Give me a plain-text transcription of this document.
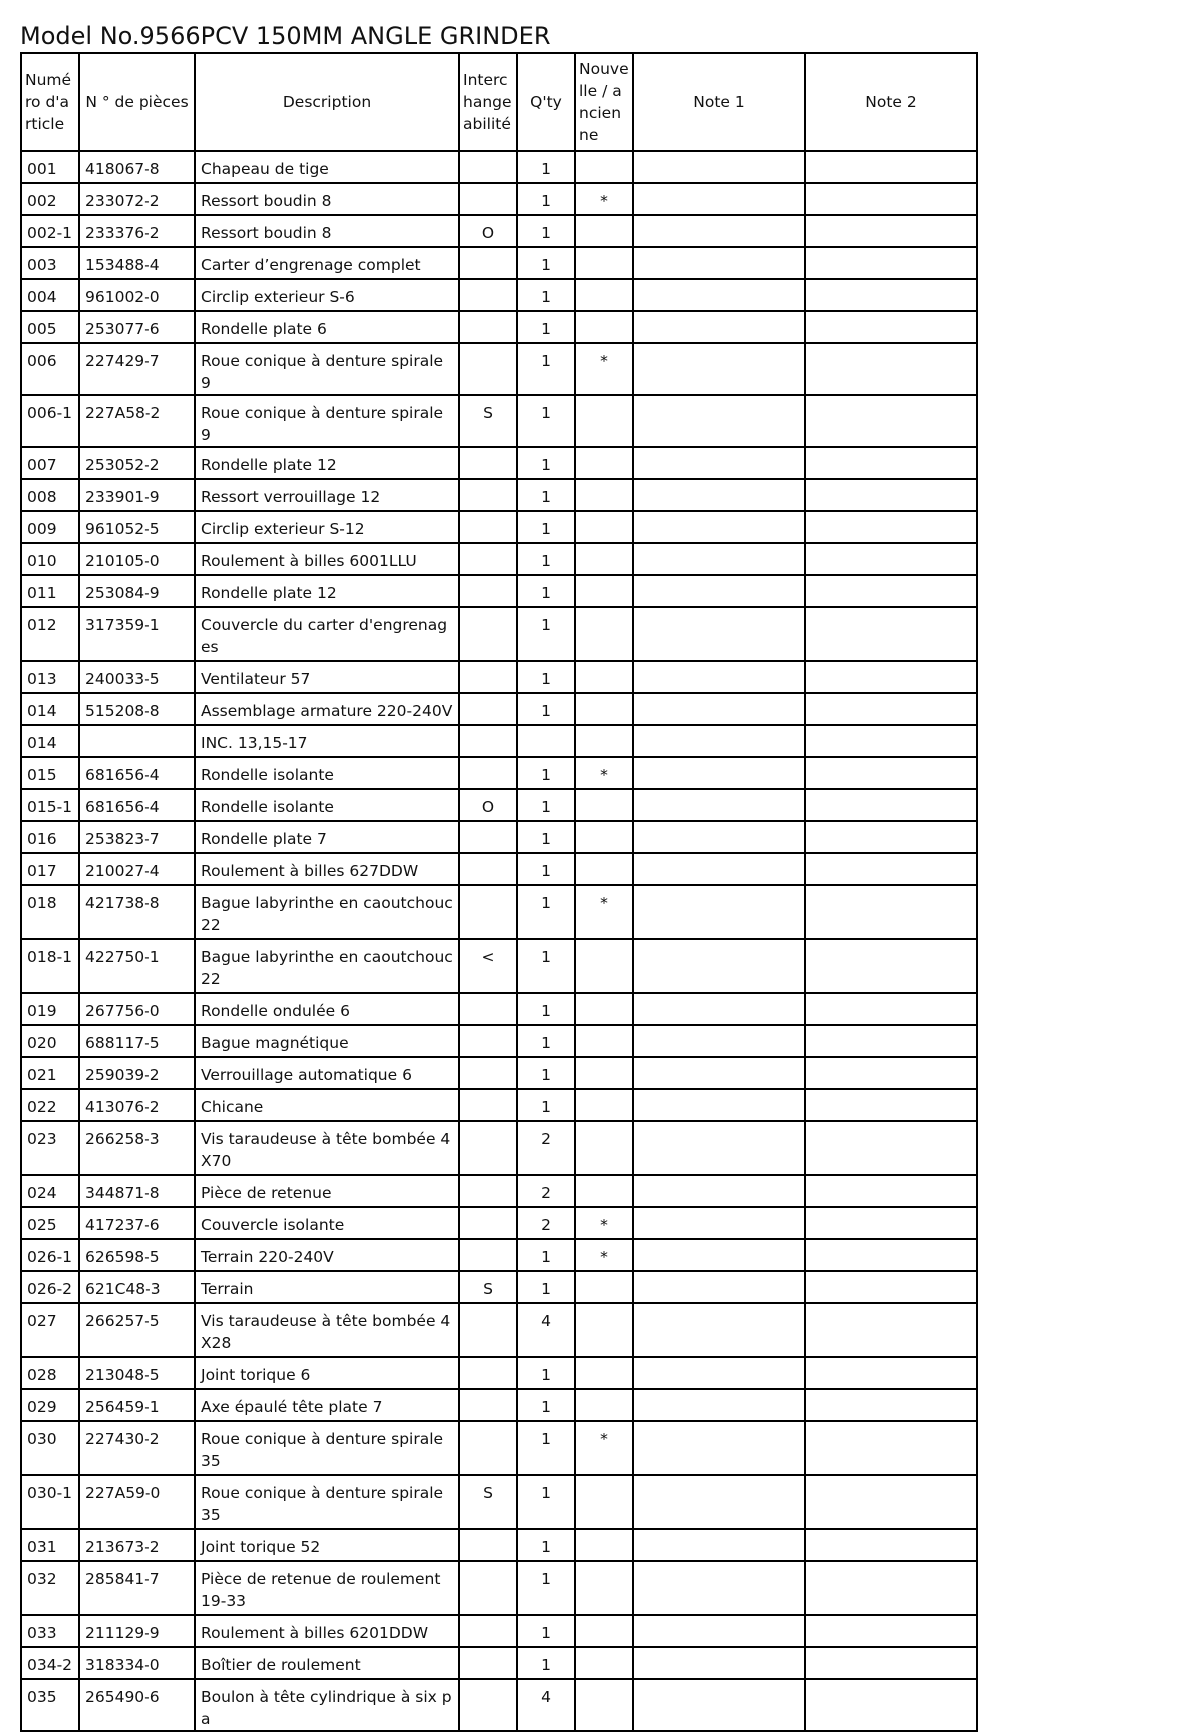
Model No.9566PCV 150MM ANGLE GRINDER
Numéro d'article	N ° de pièces	Description	Interchangeabilité	Q'ty	Nouvelle / ancienne	Note 1	Note 2
001	418067-8	Chapeau de tige		1			
002	233072-2	Ressort boudin 8		1	*		
002-1	233376-2	Ressort boudin 8	O	1			
003	153488-4	Carter d’engrenage complet		1			
004	961002-0	Circlip exterieur S-6		1			
005	253077-6	Rondelle plate 6		1			
006	227429-7	Roue conique à denture spirale 9		1	*		
006-1	227A58-2	Roue conique à denture spirale 9	S	1			
007	253052-2	Rondelle plate 12		1			
008	233901-9	Ressort verrouillage 12		1			
009	961052-5	Circlip exterieur S-12		1			
010	210105-0	Roulement à billes 6001LLU		1			
011	253084-9	Rondelle plate 12		1			
012	317359-1	Couvercle du carter d'engrenages		1			
013	240033-5	Ventilateur 57		1			
014	515208-8	Assemblage armature 220-240V		1			
014		INC. 13,15-17					
015	681656-4	Rondelle isolante		1	*		
015-1	681656-4	Rondelle isolante	O	1			
016	253823-7	Rondelle plate 7		1			
017	210027-4	Roulement à billes 627DDW		1			
018	421738-8	Bague labyrinthe en caoutchouc 22		1	*		
018-1	422750-1	Bague labyrinthe en caoutchouc 22	<	1			
019	267756-0	Rondelle ondulée 6		1			
020	688117-5	Bague magnétique		1			
021	259039-2	Verrouillage automatique 6		1			
022	413076-2	Chicane		1			
023	266258-3	Vis taraudeuse à tête bombée 4X70		2			
024	344871-8	Pièce de retenue		2			
025	417237-6	Couvercle isolante		2	*		
026-1	626598-5	Terrain 220-240V		1	*		
026-2	621C48-3	Terrain	S	1			
027	266257-5	Vis taraudeuse à tête bombée 4X28		4			
028	213048-5	Joint torique 6		1			
029	256459-1	Axe épaulé tête plate 7		1			
030	227430-2	Roue conique à denture spirale 35		1	*		
030-1	227A59-0	Roue conique à denture spirale 35	S	1			
031	213673-2	Joint torique 52		1			
032	285841-7	Pièce de retenue de roulement 19-33		1			
033	211129-9	Roulement à billes 6201DDW		1			
034-2	318334-0	Boîtier de roulement		1			
035	265490-6	Boulon à tête cylindrique à six pa		4			
